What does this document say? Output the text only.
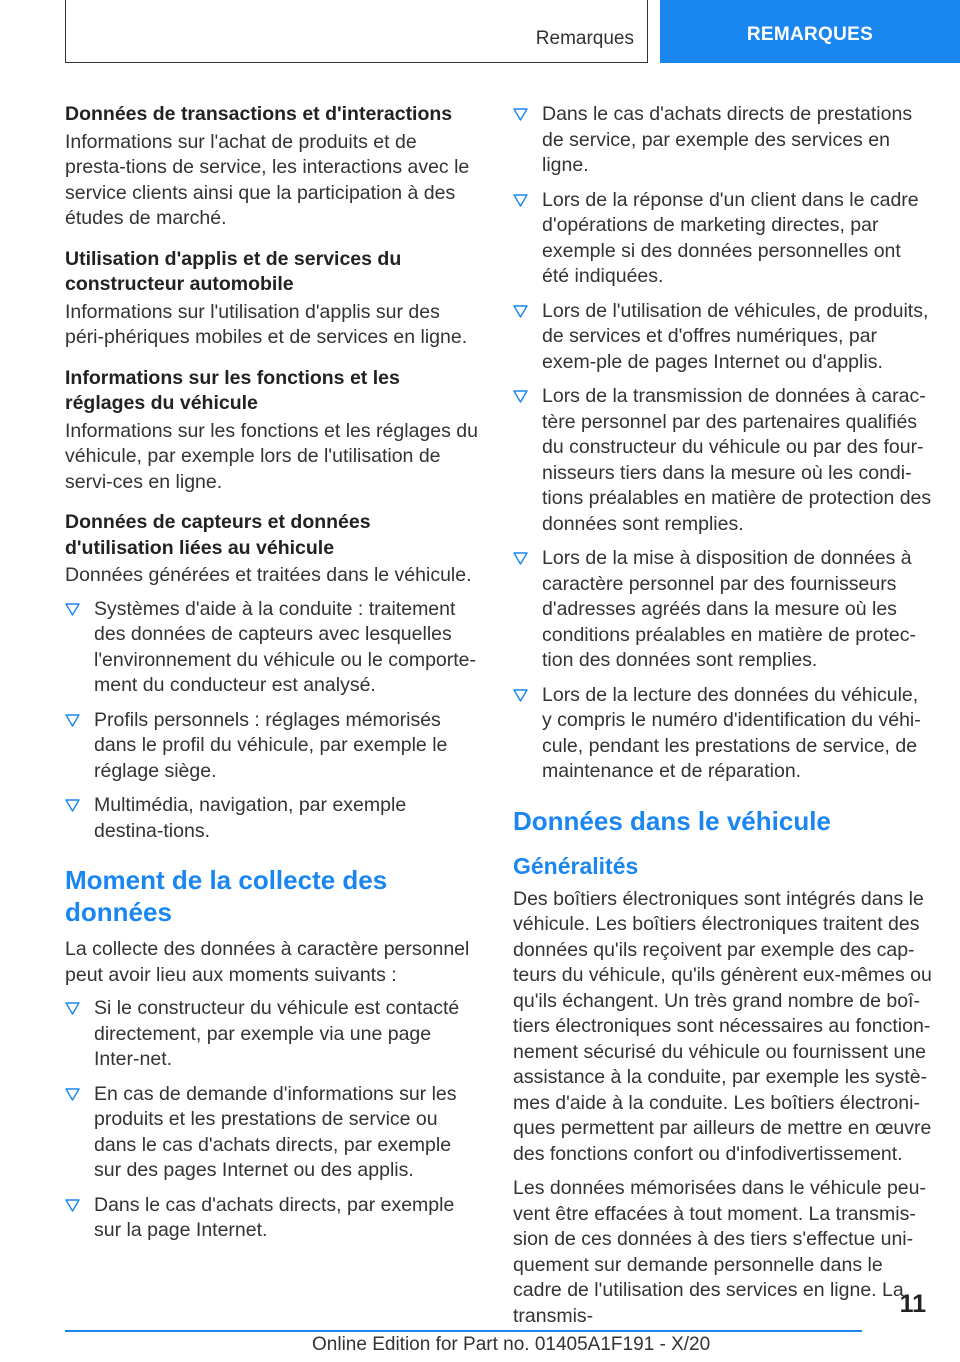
Remarques	REMARQUES
Données de transactions et d'interactions
Informations sur l'achat de produits et de presta-tions de service, les interactions avec le service clients ainsi que la participation à des études de marché.
Utilisation d'applis et de services du constructeur automobile
Informations sur l'utilisation d'applis sur des péri-phériques mobiles et de services en ligne.
Informations sur les fonctions et les réglages du véhicule
Informations sur les fonctions et les réglages du véhicule, par exemple lors de l'utilisation de servi-ces en ligne.
Données de capteurs et données d'utilisation liées au véhicule
Données générées et traitées dans le véhicule.
Systèmes d'aide à la conduite : traitement des données de capteurs avec lesquelles l'environnement du véhicule ou le comporte-ment du conducteur est analysé.
Profils personnels : réglages mémorisés dans le profil du véhicule, par exemple le réglage siège.
Multimédia, navigation, par exemple destina-tions.
Moment de la collecte des données
La collecte des données à caractère personnel peut avoir lieu aux moments suivants :
Si le constructeur du véhicule est contacté directement, par exemple via une page Inter-net.
En cas de demande d'informations sur les produits et les prestations de service ou dans le cas d'achats directs, par exemple sur des pages Internet ou des applis.
Dans le cas d'achats directs, par exemple sur la page Internet.
Dans le cas d'achats directs de prestations de service, par exemple des services en ligne.
Lors de la réponse d'un client dans le cadre d'opérations de marketing directes, par exemple si des données personnelles ont été indiquées.
Lors de l'utilisation de véhicules, de produits, de services et d'offres numériques, par exem-ple de pages Internet ou d'applis.
Lors de la transmission de données à carac-tère personnel par des partenaires qualifiés du constructeur du véhicule ou par des four-nisseurs tiers dans la mesure où les condi-tions préalables en matière de protection des données sont remplies.
Lors de la mise à disposition de données à caractère personnel par des fournisseurs d'adresses agréés dans la mesure où les conditions préalables en matière de protec-tion des données sont remplies.
Lors de la lecture des données du véhicule, y compris le numéro d'identification du véhi-cule, pendant les prestations de service, de maintenance et de réparation.
Données dans le véhicule
Généralités
Des boîtiers électroniques sont intégrés dans le véhicule. Les boîtiers électroniques traitent des données qu'ils reçoivent par exemple des cap-teurs du véhicule, qu'ils génèrent eux-mêmes ou qu'ils échangent. Un très grand nombre de boî-tiers électroniques sont nécessaires au fonction-nement sécurisé du véhicule ou fournissent une assistance à la conduite, par exemple les systè-mes d'aide à la conduite. Les boîtiers électroni-ques permettent par ailleurs de mettre en œuvre des fonctions confort ou d'infodivertissement.
Les données mémorisées dans le véhicule peu-vent être effacées à tout moment. La transmis-sion de ces données à des tiers s'effectue uni-quement sur demande personnelle dans le cadre de l'utilisation des services en ligne. La transmis-	11
Online Edition for Part no. 01405A1F191 - X/20
